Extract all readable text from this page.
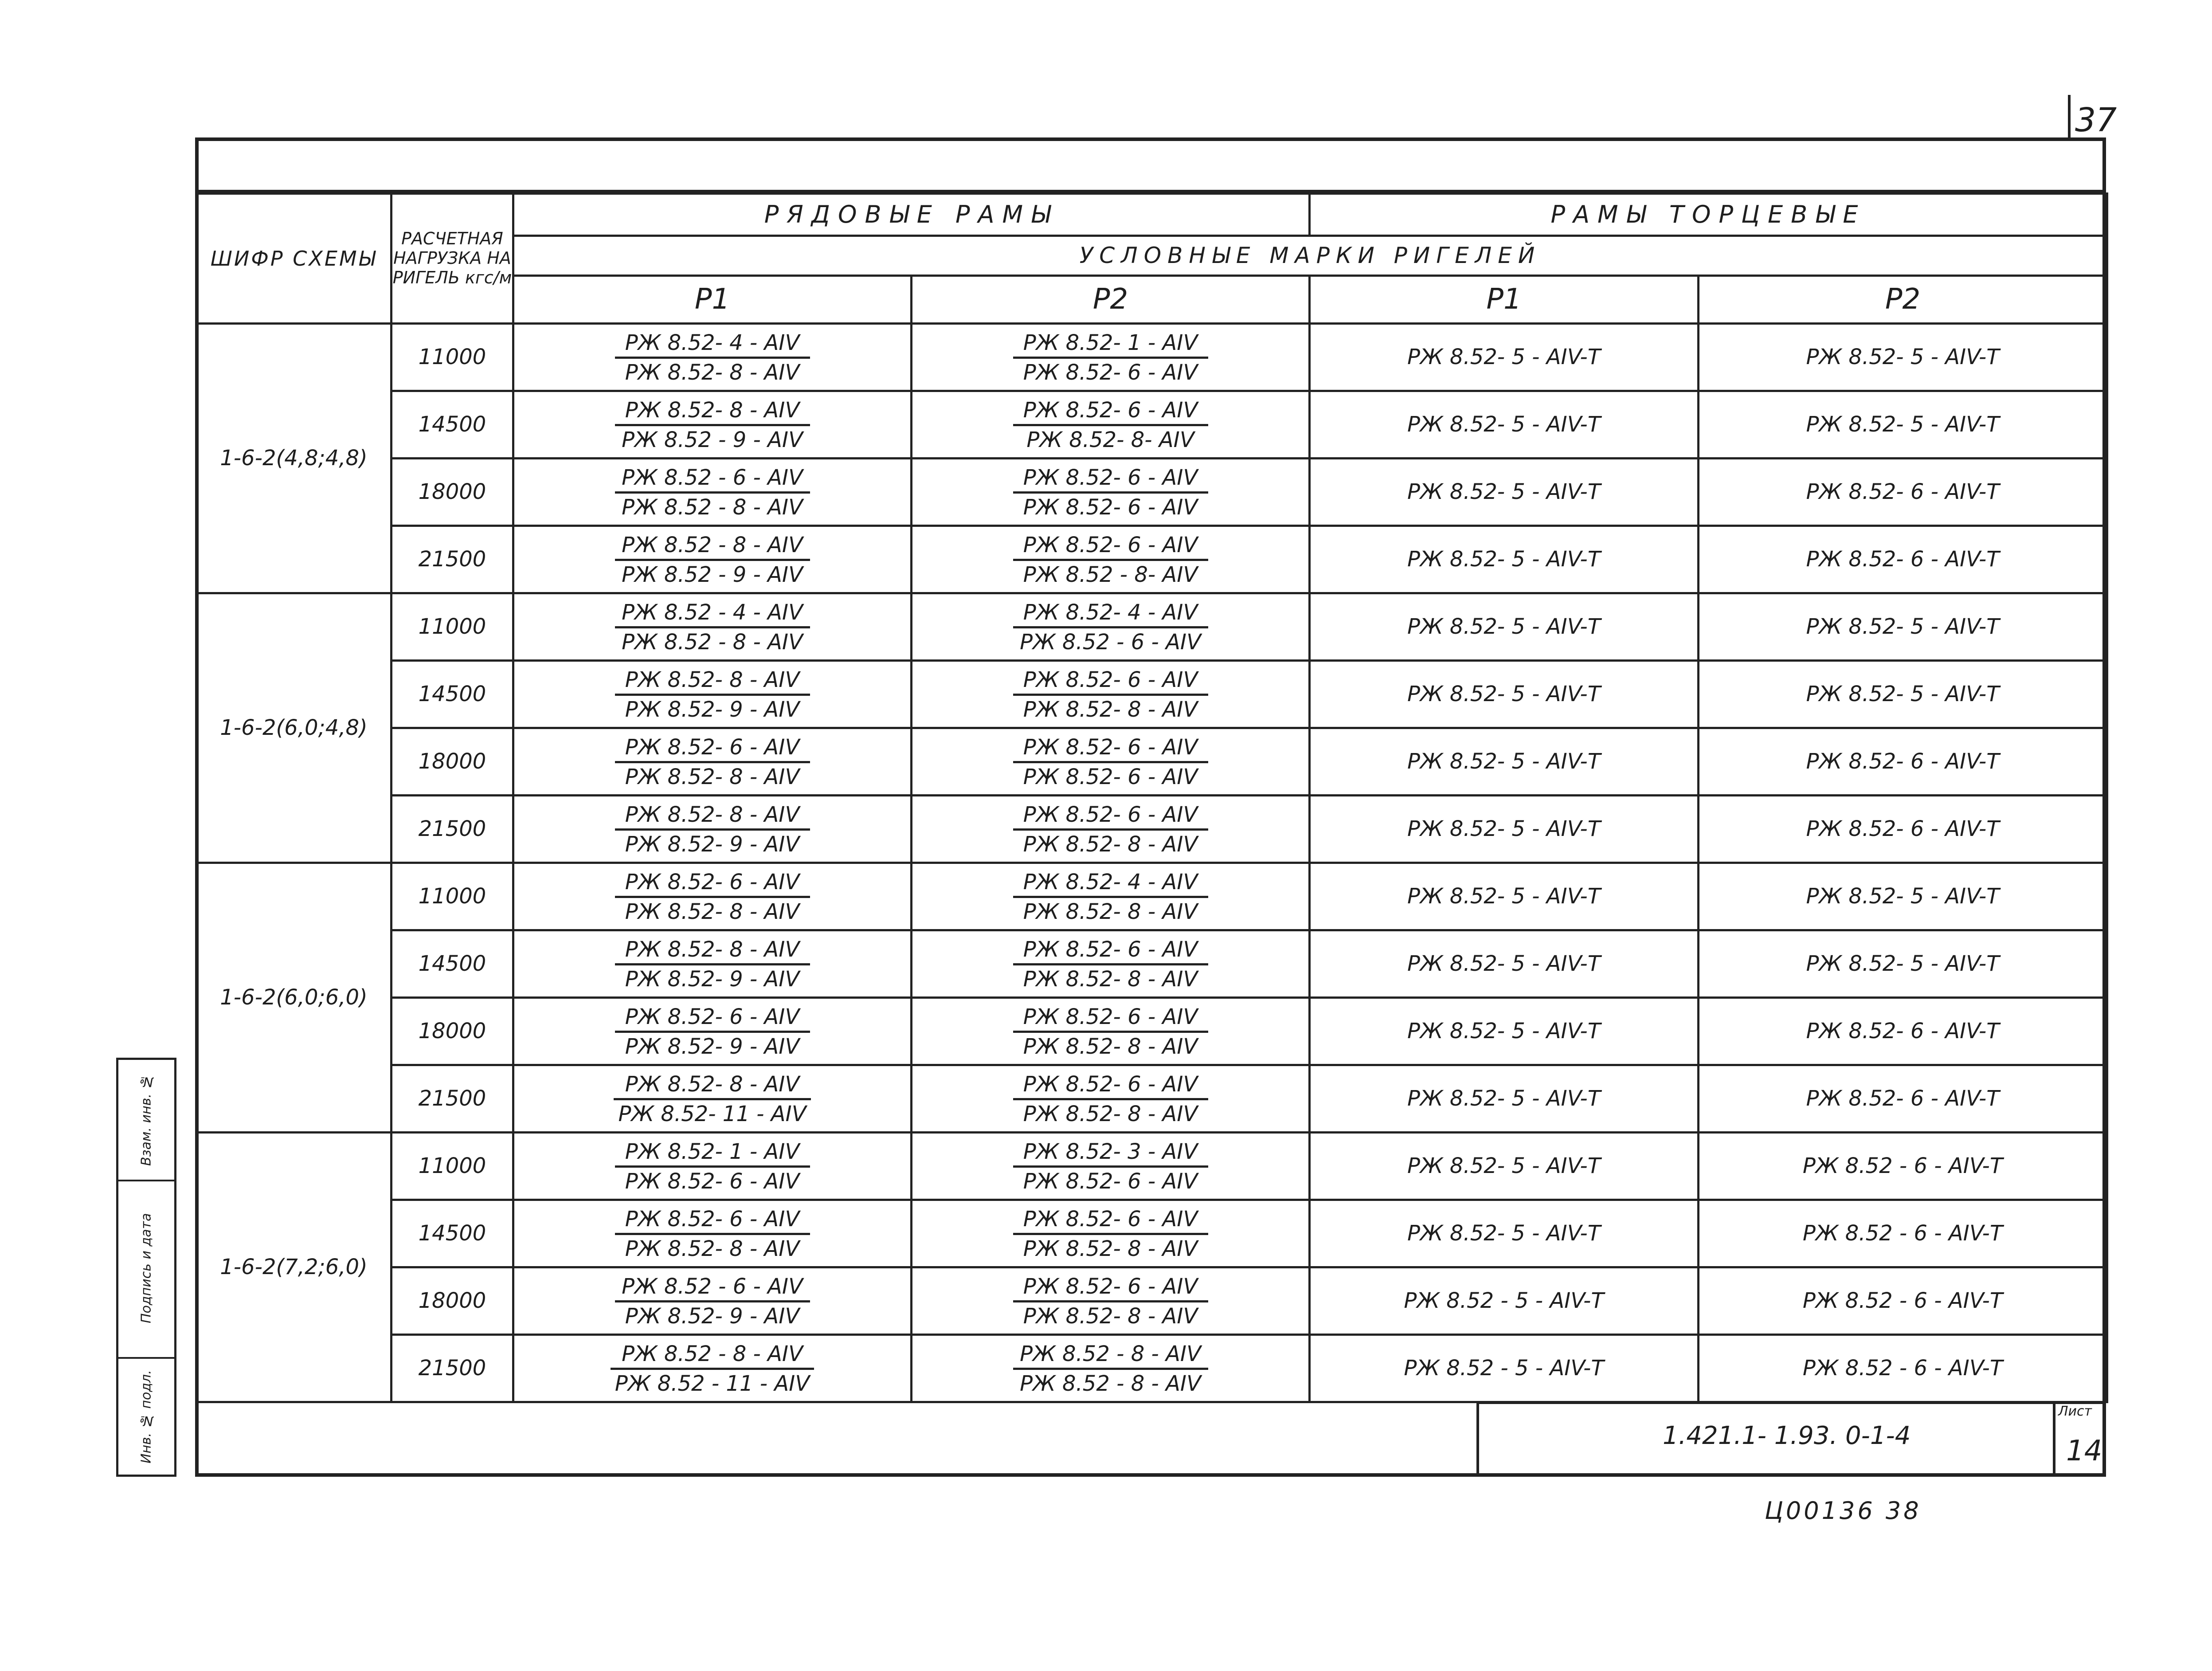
37
Взам. инв. №
Подпись и дата
Инв. № подл.
ШИФР СХЕМЫ	РАСЧЕТНАЯ НАГРУЗКА НА РИГЕЛЬ кгс/м	РЯДОВЫЕ РАМЫ		РАМЫ ТОРЦЕВЫЕ	
		УСЛОВНЫЕ МАРКИ РИГЕЛЕЙ			
		Р1	Р2	Р1	Р2
1-6-2(4,8;4,8)	11000	$\frac{\text{РЖ 8.52- 4 - АIV}}{\text{РЖ 8.52- 8 - АIV}}$	$\frac{\text{РЖ 8.52- 1 - АIV}}{\text{РЖ 8.52- 6 - АIV}}$	РЖ 8.52- 5 - АIV-Т	РЖ 8.52- 5 - АIV-Т
	14500	$\frac{\text{РЖ 8.52- 8 - АIV}}{\text{РЖ 8.52 - 9 - АIV}}$	$\frac{\text{РЖ 8.52- 6 - АIV}}{\text{РЖ 8.52- 8- АIV}}$	РЖ 8.52- 5 - АIV-Т	РЖ 8.52- 5 - АIV-Т
	18000	$\frac{\text{РЖ 8.52 - 6 - АIV}}{\text{РЖ 8.52 - 8 - АIV}}$	$\frac{\text{РЖ 8.52- 6 - АIV}}{\text{РЖ 8.52- 6 - АIV}}$	РЖ 8.52- 5 - АIV-Т	РЖ 8.52- 6 - АIV-Т
	21500	$\frac{\text{РЖ 8.52 - 8 - АIV}}{\text{РЖ 8.52 - 9 - АIV}}$	$\frac{\text{РЖ 8.52- 6 - АIV}}{\text{РЖ 8.52 - 8- АIV}}$	РЖ 8.52- 5 - АIV-Т	РЖ 8.52- 6 - АIV-Т
1-6-2(6,0;4,8)	11000	$\frac{\text{РЖ 8.52 - 4 - АIV}}{\text{РЖ 8.52 - 8 - АIV}}$	$\frac{\text{РЖ 8.52- 4 - АIV}}{\text{РЖ 8.52 - 6 - АIV}}$	РЖ 8.52- 5 - АIV-Т	РЖ 8.52- 5 - АIV-Т
	14500	$\frac{\text{РЖ 8.52- 8 - АIV}}{\text{РЖ 8.52- 9 - АIV}}$	$\frac{\text{РЖ 8.52- 6 - АIV}}{\text{РЖ 8.52- 8 - АIV}}$	РЖ 8.52- 5 - АIV-Т	РЖ 8.52- 5 - АIV-Т
	18000	$\frac{\text{РЖ 8.52- 6 - АIV}}{\text{РЖ 8.52- 8 - АIV}}$	$\frac{\text{РЖ 8.52- 6 - АIV}}{\text{РЖ 8.52- 6 - АIV}}$	РЖ 8.52- 5 - АIV-Т	РЖ 8.52- 6 - АIV-Т
	21500	$\frac{\text{РЖ 8.52- 8 - АIV}}{\text{РЖ 8.52- 9 - АIV}}$	$\frac{\text{РЖ 8.52- 6 - АIV}}{\text{РЖ 8.52- 8 - АIV}}$	РЖ 8.52- 5 - АIV-Т	РЖ 8.52- 6 - АIV-Т
1-6-2(6,0;6,0)	11000	$\frac{\text{РЖ 8.52- 6 - АIV}}{\text{РЖ 8.52- 8 - АIV}}$	$\frac{\text{РЖ 8.52- 4 - АIV}}{\text{РЖ 8.52- 8 - АIV}}$	РЖ 8.52- 5 - АIV-Т	РЖ 8.52- 5 - АIV-Т
	14500	$\frac{\text{РЖ 8.52- 8 - АIV}}{\text{РЖ 8.52- 9 - АIV}}$	$\frac{\text{РЖ 8.52- 6 - АIV}}{\text{РЖ 8.52- 8 - АIV}}$	РЖ 8.52- 5 - АIV-Т	РЖ 8.52- 5 - АIV-Т
	18000	$\frac{\text{РЖ 8.52- 6 - АIV}}{\text{РЖ 8.52- 9 - АIV}}$	$\frac{\text{РЖ 8.52- 6 - АIV}}{\text{РЖ 8.52- 8 - АIV}}$	РЖ 8.52- 5 - АIV-Т	РЖ 8.52- 6 - АIV-Т
	21500	$\frac{\text{РЖ 8.52- 8 - АIV}}{\text{РЖ 8.52- 11 - АIV}}$	$\frac{\text{РЖ 8.52- 6 - АIV}}{\text{РЖ 8.52- 8 - АIV}}$	РЖ 8.52- 5 - АIV-Т	РЖ 8.52- 6 - АIV-Т
1-6-2(7,2;6,0)	11000	$\frac{\text{РЖ 8.52- 1 - АIV}}{\text{РЖ 8.52- 6 - АIV}}$	$\frac{\text{РЖ 8.52- 3 - АIV}}{\text{РЖ 8.52- 6 - АIV}}$	РЖ 8.52- 5 - АIV-Т	РЖ 8.52 - 6 - АIV-Т
	14500	$\frac{\text{РЖ 8.52- 6 - АIV}}{\text{РЖ 8.52- 8 - АIV}}$	$\frac{\text{РЖ 8.52- 6 - АIV}}{\text{РЖ 8.52- 8 - АIV}}$	РЖ 8.52- 5 - АIV-Т	РЖ 8.52 - 6 - АIV-Т
	18000	$\frac{\text{РЖ 8.52 - 6 - АIV}}{\text{РЖ 8.52- 9 - АIV}}$	$\frac{\text{РЖ 8.52- 6 - АIV}}{\text{РЖ 8.52- 8 - АIV}}$	РЖ 8.52 - 5 - АIV-Т	РЖ 8.52 - 6 - АIV-Т
	21500	$\frac{\text{РЖ 8.52 - 8 - АIV}}{\text{РЖ 8.52 - 11 - АIV}}$	$\frac{\text{РЖ 8.52 - 8 - АIV}}{\text{РЖ 8.52 - 8 - АIV}}$	РЖ 8.52 - 5 - АIV-Т	РЖ 8.52 - 6 - АIV-Т
1.421.1- 1.93. 0-1-4
Лист
14
Ц00136 38
